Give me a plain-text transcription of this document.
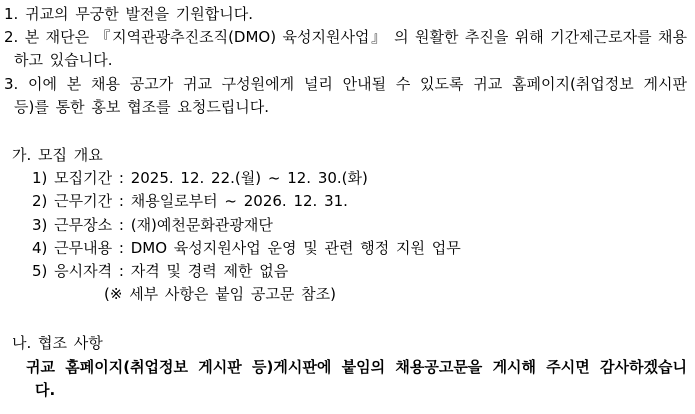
1. 귀교의 무궁한 발전을 기원합니다.
2. 본 재단은 『지역관광추진조직(DMO) 육성지원사업』 의 원활한 추진을 위해 기간제근로자를 채용
하고 있습니다.
3. 이에 본 채용 공고가 귀교 구성원에게 널리 안내될 수 있도록 귀교 홈페이지(취업정보 게시판
등)를 통한 홍보 협조를 요청드립니다.
가. 모집 개요
1) 모집기간 : 2025. 12. 22.(월) ~ 12. 30.(화)
2) 근무기간 : 채용일로부터 ~ 2026. 12. 31.
3) 근무장소 : (재)예천문화관광재단
4) 근무내용 : DMO 육성지원사업 운영 및 관련 행정 지원 업무
5) 응시자격 : 자격 및 경력 제한 없음
(※ 세부 사항은 붙임 공고문 참조)
나. 협조 사항
귀교 홈페이지(취업정보 게시판 등)게시판에 붙임의 채용공고문을 게시해 주시면 감사하겠습니
다.
